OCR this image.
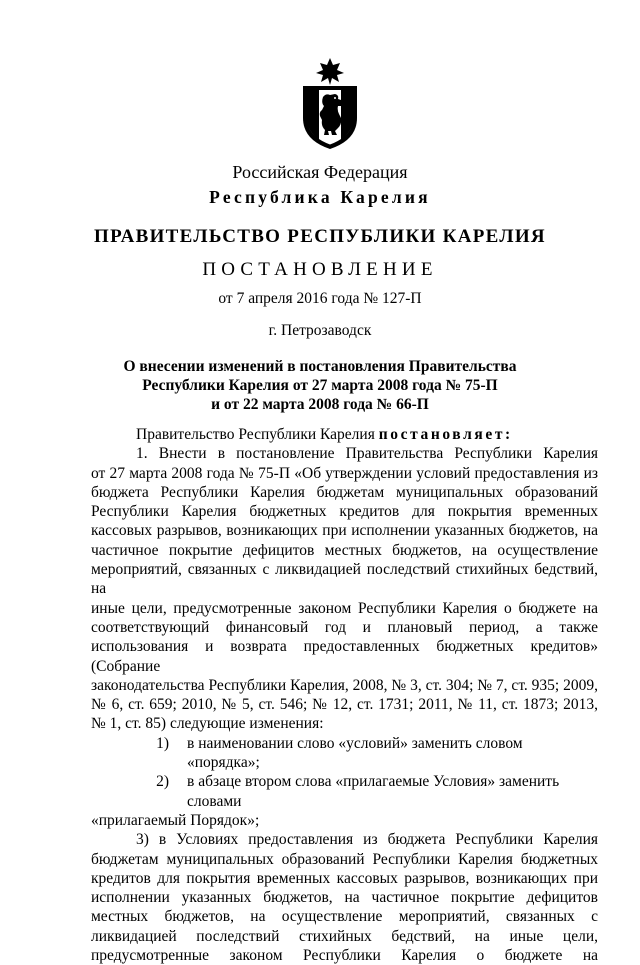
Российская Федерация
Республика Карелия
ПРАВИТЕЛЬСТВО РЕСПУБЛИКИ КАРЕЛИЯ
ПОСТАНОВЛЕНИЕ
от 7 апреля 2016 года № 127-П
г. Петрозаводск
О внесении изменений в постановления Правительства
Республики Карелия от 27 марта 2008 года № 75-П
и от 22 марта 2008 года № 66-П

Правительство Республики Карелия постановляет:

1. Внести в постановление Правительства Республики Карелия

от 27 марта 2008 года № 75-П «Об утверждении условий предоставления из

бюджета Республики Карелия бюджетам муниципальных образований

Республики Карелия бюджетных кредитов для покрытия временных

кассовых разрывов, возникающих при исполнении указанных бюджетов, на

частичное покрытие дефицитов местных бюджетов, на осуществление

мероприятий, связанных с ликвидацией последствий стихийных бедствий, на

иные цели, предусмотренные законом Республики Карелия о бюджете на

соответствующий финансовый год и плановый период, а также

использования и возврата предоставленных бюджетных кредитов» (Собрание

законодательства Республики Карелия, 2008, № 3, ст. 304; № 7, ст. 935; 2009,

№ 6, ст. 659; 2010, № 5, ст. 546; № 12, ст. 1731; 2011, № 11, ст. 1873; 2013,

№ 1, ст. 85) следующие изменения:

1)	в наименовании слово «условий» заменить словом «порядка»;
2)	в абзаце втором слова «прилагаемые Условия» заменить словами

«прилагаемый Порядок»;

3) в Условиях предоставления из бюджета Республики Карелия

бюджетам муниципальных образований Республики Карелия бюджетных

кредитов для покрытия временных кассовых разрывов, возникающих при

исполнении указанных бюджетов, на частичное покрытие дефицитов

местных бюджетов, на осуществление мероприятий, связанных с

ликвидацией последствий стихийных бедствий, на иные цели,

предусмотренные законом Республики Карелия о бюджете на
